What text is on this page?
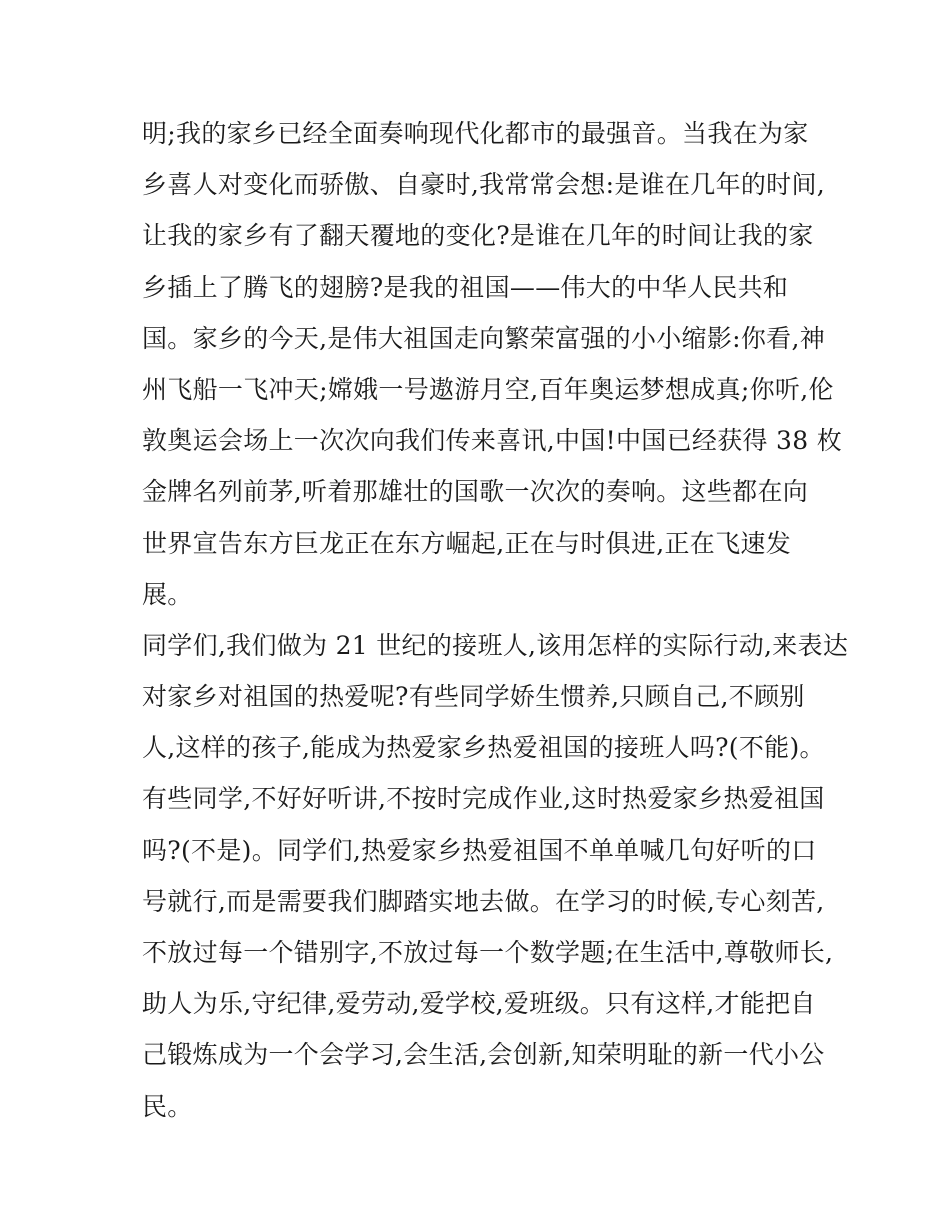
明;我的家乡已经全面奏响现代化都市的最强音。当我在为家
乡喜人对变化而骄傲、自豪时,我常常会想:是谁在几年的时间,
让我的家乡有了翻天覆地的变化?是谁在几年的时间让我的家
乡插上了腾飞的翅膀?是我的祖国——伟大的中华人民共和
国。家乡的今天,是伟大祖国走向繁荣富强的小小缩影:你看,神
州飞船一飞冲天;嫦娥一号遨游月空,百年奥运梦想成真;你听,伦
敦奥运会场上一次次向我们传来喜讯,中国!中国已经获得 38 枚
金牌名列前茅,听着那雄壮的国歌一次次的奏响。这些都在向
世界宣告东方巨龙正在东方崛起,正在与时俱进,正在飞速发
展。
同学们,我们做为 21 世纪的接班人,该用怎样的实际行动,来表达
对家乡对祖国的热爱呢?有些同学娇生惯养,只顾自己,不顾别
人,这样的孩子,能成为热爱家乡热爱祖国的接班人吗?(不能)。
有些同学,不好好听讲,不按时完成作业,这时热爱家乡热爱祖国
吗?(不是)。同学们,热爱家乡热爱祖国不单单喊几句好听的口
号就行,而是需要我们脚踏实地去做。在学习的时候,专心刻苦,
不放过每一个错别字,不放过每一个数学题;在生活中,尊敬师长,
助人为乐,守纪律,爱劳动,爱学校,爱班级。只有这样,才能把自
己锻炼成为一个会学习,会生活,会创新,知荣明耻的新一代小公
民。
